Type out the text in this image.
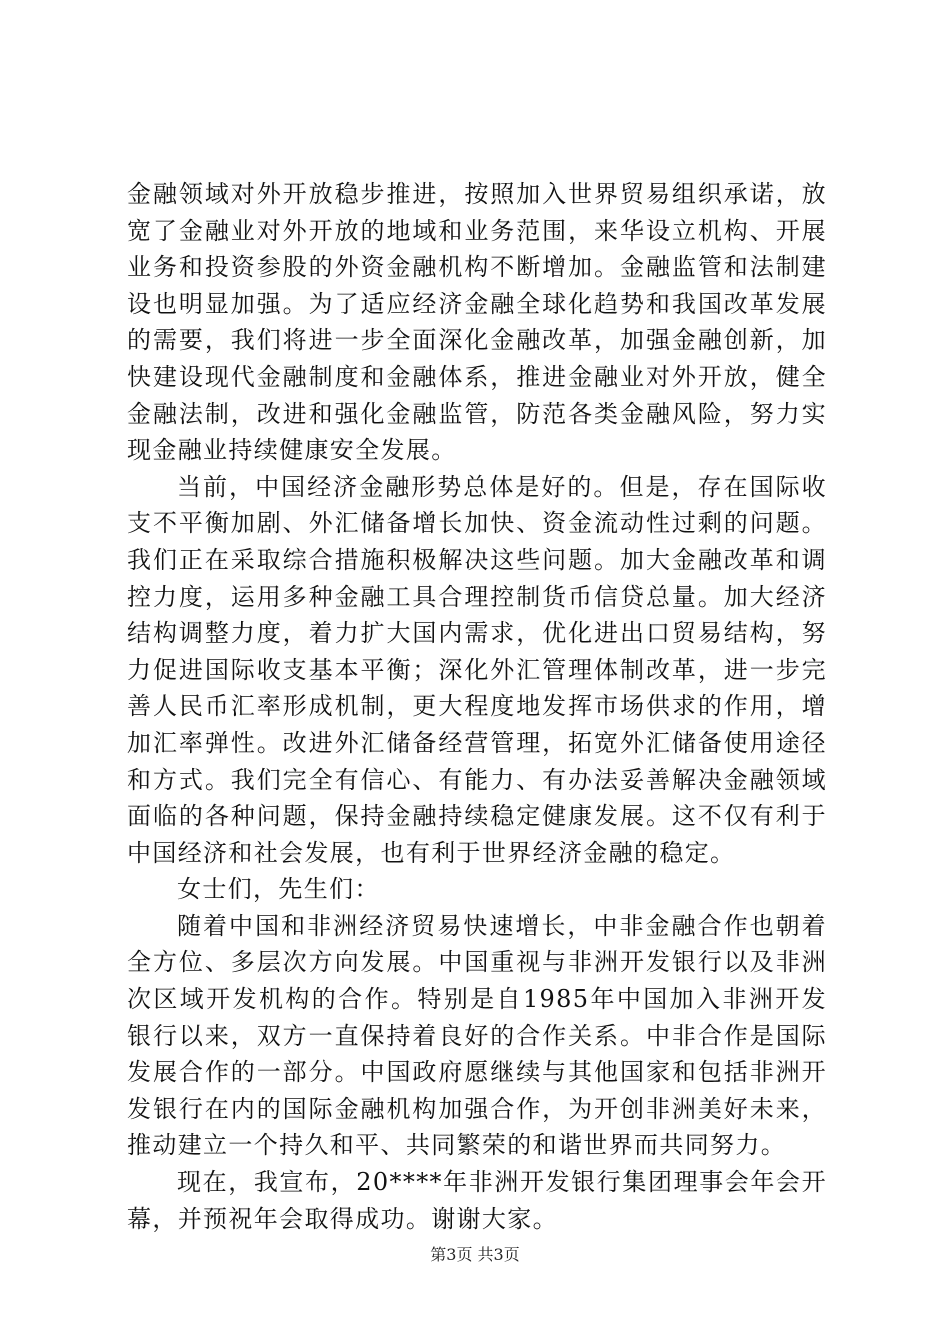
金融领域对外开放稳步推进，按照加入世界贸易组织承诺，放宽了金融业对外开放的地域和业务范围，来华设立机构、开展业务和投资参股的外资金融机构不断增加。金融监管和法制建设也明显加强。为了适应经济金融全球化趋势和我国改革发展的需要，我们将进一步全面深化金融改革，加强金融创新，加快建设现代金融制度和金融体系，推进金融业对外开放，健全金融法制，改进和强化金融监管，防范各类金融风险，努力实现金融业持续健康安全发展。

当前，中国经济金融形势总体是好的。但是，存在国际收支不平衡加剧、外汇储备增长加快、资金流动性过剩的问题。我们正在采取综合措施积极解决这些问题。加大金融改革和调控力度，运用多种金融工具合理控制货币信贷总量。加大经济结构调整力度，着力扩大国内需求，优化进出口贸易结构，努力促进国际收支基本平衡；深化外汇管理体制改革，进一步完善人民币汇率形成机制，更大程度地发挥市场供求的作用，增加汇率弹性。改进外汇储备经营管理，拓宽外汇储备使用途径和方式。我们完全有信心、有能力、有办法妥善解决金融领域面临的各种问题，保持金融持续稳定健康发展。这不仅有利于中国经济和社会发展，也有利于世界经济金融的稳定。

女士们，先生们：

随着中国和非洲经济贸易快速增长，中非金融合作也朝着全方位、多层次方向发展。中国重视与非洲开发银行以及非洲次区域开发机构的合作。特别是自1985年中国加入非洲开发银行以来，双方一直保持着良好的合作关系。中非合作是国际发展合作的一部分。中国政府愿继续与其他国家和包括非洲开发银行在内的国际金融机构加强合作，为开创非洲美好未来，推动建立一个持久和平、共同繁荣的和谐世界而共同努力。

现在，我宣布，20****年非洲开发银行集团理事会年会开幕，并预祝年会取得成功。谢谢大家。

第3页 共3页
